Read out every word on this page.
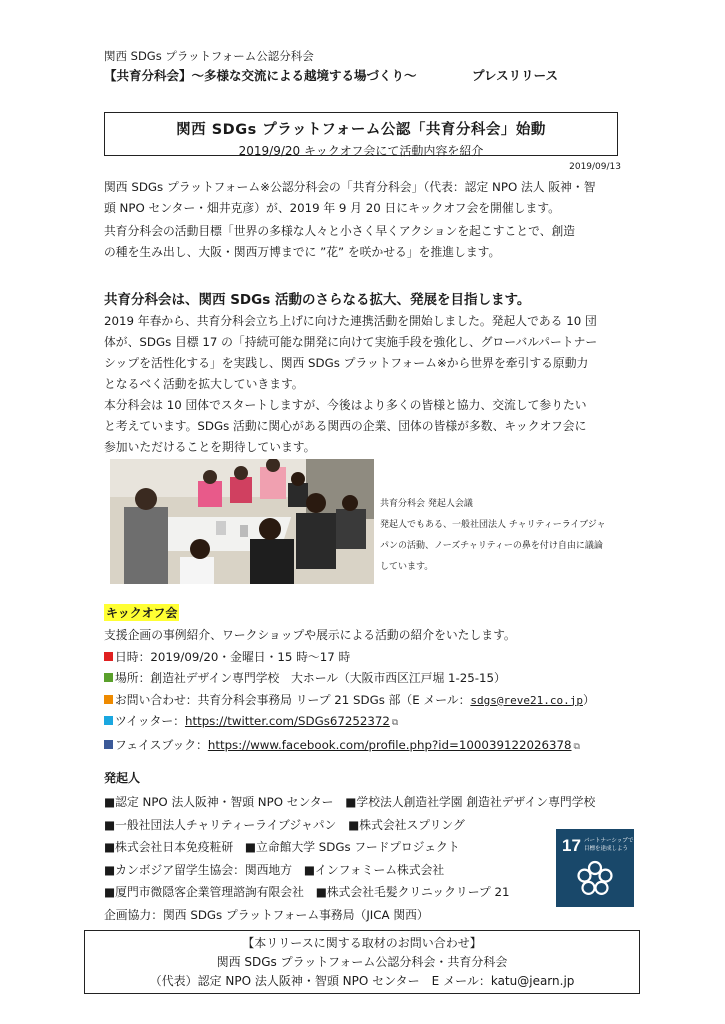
関西 SDGs プラットフォーム公認分科会
【共育分科会】～多様な交流による越境する場づくり～	プレスリリース
関西 SDGs プラットフォーム公認「共育分科会」始動
2019/9/20 キックオフ会にて活動内容を紹介
2019/09/13
関西 SDGs プラットフォーム※公認分科会の「共育分科会」（代表：認定 NPO 法人 阪神・智
頭 NPO センター・畑井克彦）が、2019 年 9 月 20 日にキックオフ会を開催します。
共育分科会の活動目標「世界の多様な人々と小さく早くアクションを起こすことで、創造
の種を生み出し、大阪・関西万博までに ”花” を咲かせる」を推進します。
共育分科会は、関西 SDGs 活動のさらなる拡大、発展を目指します。
2019 年春から、共育分科会立ち上げに向けた連携活動を開始しました。発起人である 10 団
体が、SDGs 目標 17 の「持続可能な開発に向けて実施手段を強化し、グローバルパートナー
シップを活性化する」を実践し、関西 SDGs プラットフォーム※から世界を牽引する原動力
となるべく活動を拡大していきます。
本分科会は 10 団体でスタートしますが、今後はより多くの皆様と協力、交流して参りたい
と考えています。SDGs 活動に関心がある関西の企業、団体の皆様が多数、キックオフ会に
参加いただけることを期待しています。
共育分科会 発起人会議
発起人でもある、一般社団法人 チャリティーライブジャ
パンの活動、ノーズチャリティーの鼻を付け自由に議論
しています。
キックオフ会
支援企画の事例紹介、ワークショップや展示による活動の紹介をいたします。
日時：2019/09/20・金曜日・15 時～17 時
場所：創造社デザイン専門学校　大ホール（大阪市西区江戸堀 1-25-15）
お問い合わせ：共育分科会事務局 リープ 21 SDGs 部（E メール：sdgs@reve21.co.jp）
ツイッター：https://twitter.com/SDGs67252372 ⧉
フェイスブック：https://www.facebook.com/profile.php?id=100039122026378 ⧉
発起人
■認定 NPO 法人阪神・智頭 NPO センター　■学校法人創造社学園 創造社デザイン専門学校
■一般社団法人チャリティーライブジャパン　■株式会社スプリング
■株式会社日本免疫粧研　■立命館大学 SDGs フードプロジェクト
■カンボジア留学生協会：関西地方　■インフォミーム株式会社
■厦門市微隠客企業管理諮詢有限会社　■株式会社毛髪クリニックリープ 21
企画協力：関西 SDGs プラットフォーム事務局（JICA 関西）
17 パートナーシップで
目標を達成しよう
【本リリースに関する取材のお問い合わせ】
関西 SDGs プラットフォーム公認分科会・共育分科会
（代表）認定 NPO 法人阪神・智頭 NPO センター　E メール：katu@jearn.jp
